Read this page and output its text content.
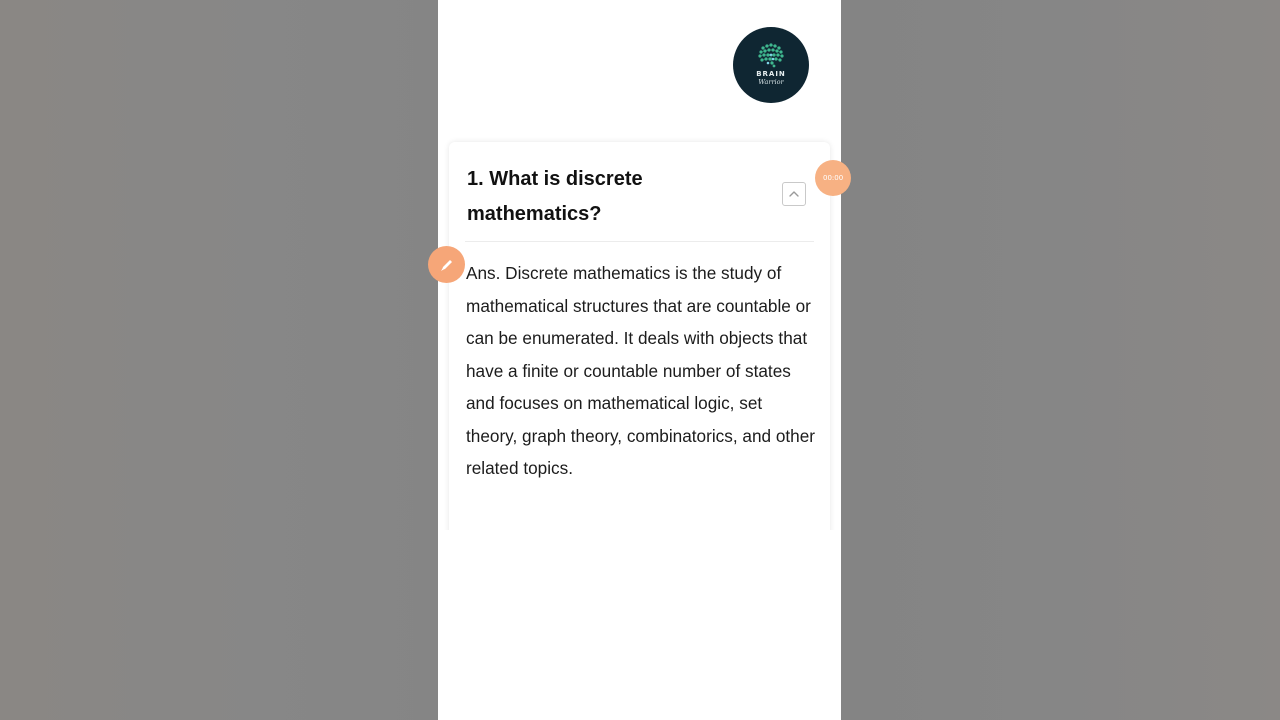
BRAIN
Warrior

1. What is discrete mathematics?

Ans. Discrete mathematics is the study of mathematical structures that are countable or can be enumerated. It deals with objects that have a finite or countable number of states and focuses on mathematical logic, set theory, graph theory, combinatorics, and other related topics.

00:00
